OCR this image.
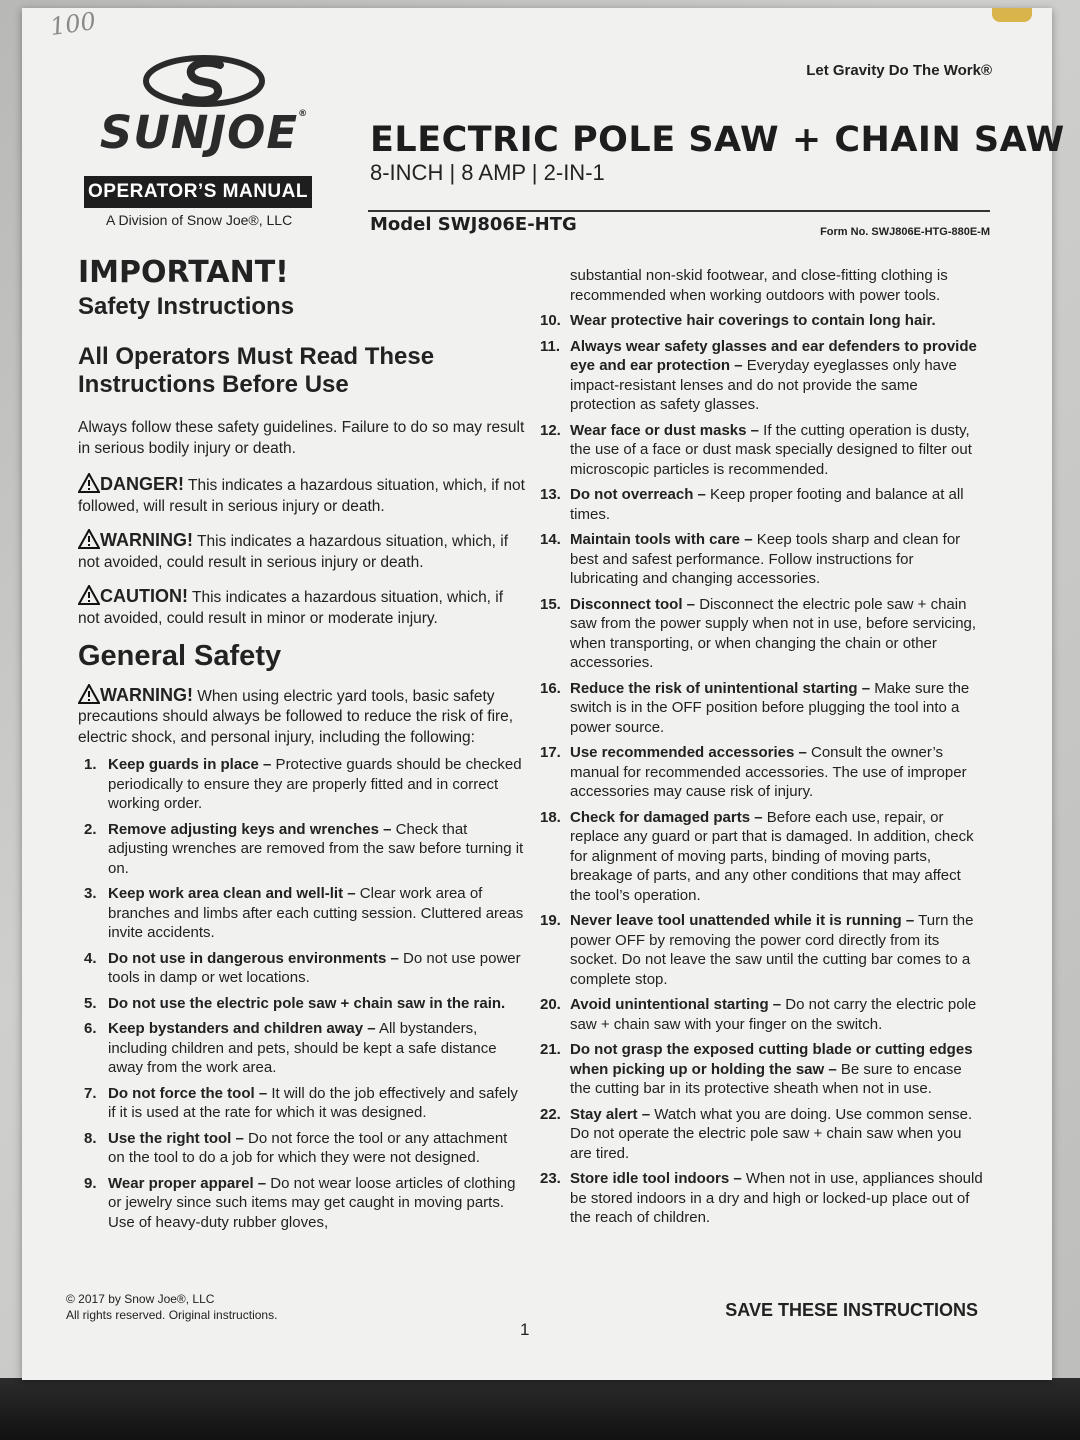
100
SUNJOE®
OPERATOR’S MANUAL
A Division of Snow Joe®, LLC
Let Gravity Do The Work®
ELECTRIC POLE SAW + CHAIN SAW
8-INCH | 8 AMP | 2-IN-1
Model SWJ806E-HTG	Form No. SWJ806E-HTG-880E-M
IMPORTANT!
Safety Instructions
All Operators Must Read These Instructions Before Use

Always follow these safety guidelines. Failure to do so may result in serious bodily injury or death.

DANGER! This indicates a hazardous situation, which, if not followed, will result in serious injury or death.

WARNING! This indicates a hazardous situation, which, if not avoided, could result in serious injury or death.

CAUTION! This indicates a hazardous situation, which, if not avoided, could result in minor or moderate injury.

General Safety

WARNING! When using electric yard tools, basic safety precautions should always be followed to reduce the risk of fire, electric shock, and personal injury, including the following:

1. Keep guards in place – Protective guards should be checked periodically to ensure they are properly fitted and in correct working order.
2. Remove adjusting keys and wrenches – Check that adjusting wrenches are removed from the saw before turning it on.
3. Keep work area clean and well-lit – Clear work area of branches and limbs after each cutting session. Cluttered areas invite accidents.
4. Do not use in dangerous environments – Do not use power tools in damp or wet locations.
5. Do not use the electric pole saw + chain saw in the rain.
6. Keep bystanders and children away – All bystanders, including children and pets, should be kept a safe distance away from the work area.
7. Do not force the tool – It will do the job effectively and safely if it is used at the rate for which it was designed.
8. Use the right tool – Do not force the tool or any attachment on the tool to do a job for which they were not designed.
9. Wear proper apparel – Do not wear loose articles of clothing or jewelry since such items may get caught in moving parts. Use of heavy-duty rubber gloves,

substantial non-skid footwear, and close-fitting clothing is recommended when working outdoors with power tools.

10. Wear protective hair coverings to contain long hair.
11. Always wear safety glasses and ear defenders to provide eye and ear protection – Everyday eyeglasses only have impact-resistant lenses and do not provide the same protection as safety glasses.
12. Wear face or dust masks – If the cutting operation is dusty, the use of a face or dust mask specially designed to filter out microscopic particles is recommended.
13. Do not overreach – Keep proper footing and balance at all times.
14. Maintain tools with care – Keep tools sharp and clean for best and safest performance. Follow instructions for lubricating and changing accessories.
15. Disconnect tool – Disconnect the electric pole saw + chain saw from the power supply when not in use, before servicing, when transporting, or when changing the chain or other accessories.
16. Reduce the risk of unintentional starting – Make sure the switch is in the OFF position before plugging the tool into a power source.
17. Use recommended accessories – Consult the owner’s manual for recommended accessories. The use of improper accessories may cause risk of injury.
18. Check for damaged parts – Before each use, repair, or replace any guard or part that is damaged. In addition, check for alignment of moving parts, binding of moving parts, breakage of parts, and any other conditions that may affect the tool’s operation.
19. Never leave tool unattended while it is running – Turn the power OFF by removing the power cord directly from its socket. Do not leave the saw until the cutting bar comes to a complete stop.
20. Avoid unintentional starting – Do not carry the electric pole saw + chain saw with your finger on the switch.
21. Do not grasp the exposed cutting blade or cutting edges when picking up or holding the saw – Be sure to encase the cutting bar in its protective sheath when not in use.
22. Stay alert – Watch what you are doing. Use common sense. Do not operate the electric pole saw + chain saw when you are tired.
23. Store idle tool indoors – When not in use, appliances should be stored indoors in a dry and high or locked-up place out of the reach of children.
© 2017 by Snow Joe®, LLC
All rights reserved. Original instructions.
1
SAVE THESE INSTRUCTIONS
